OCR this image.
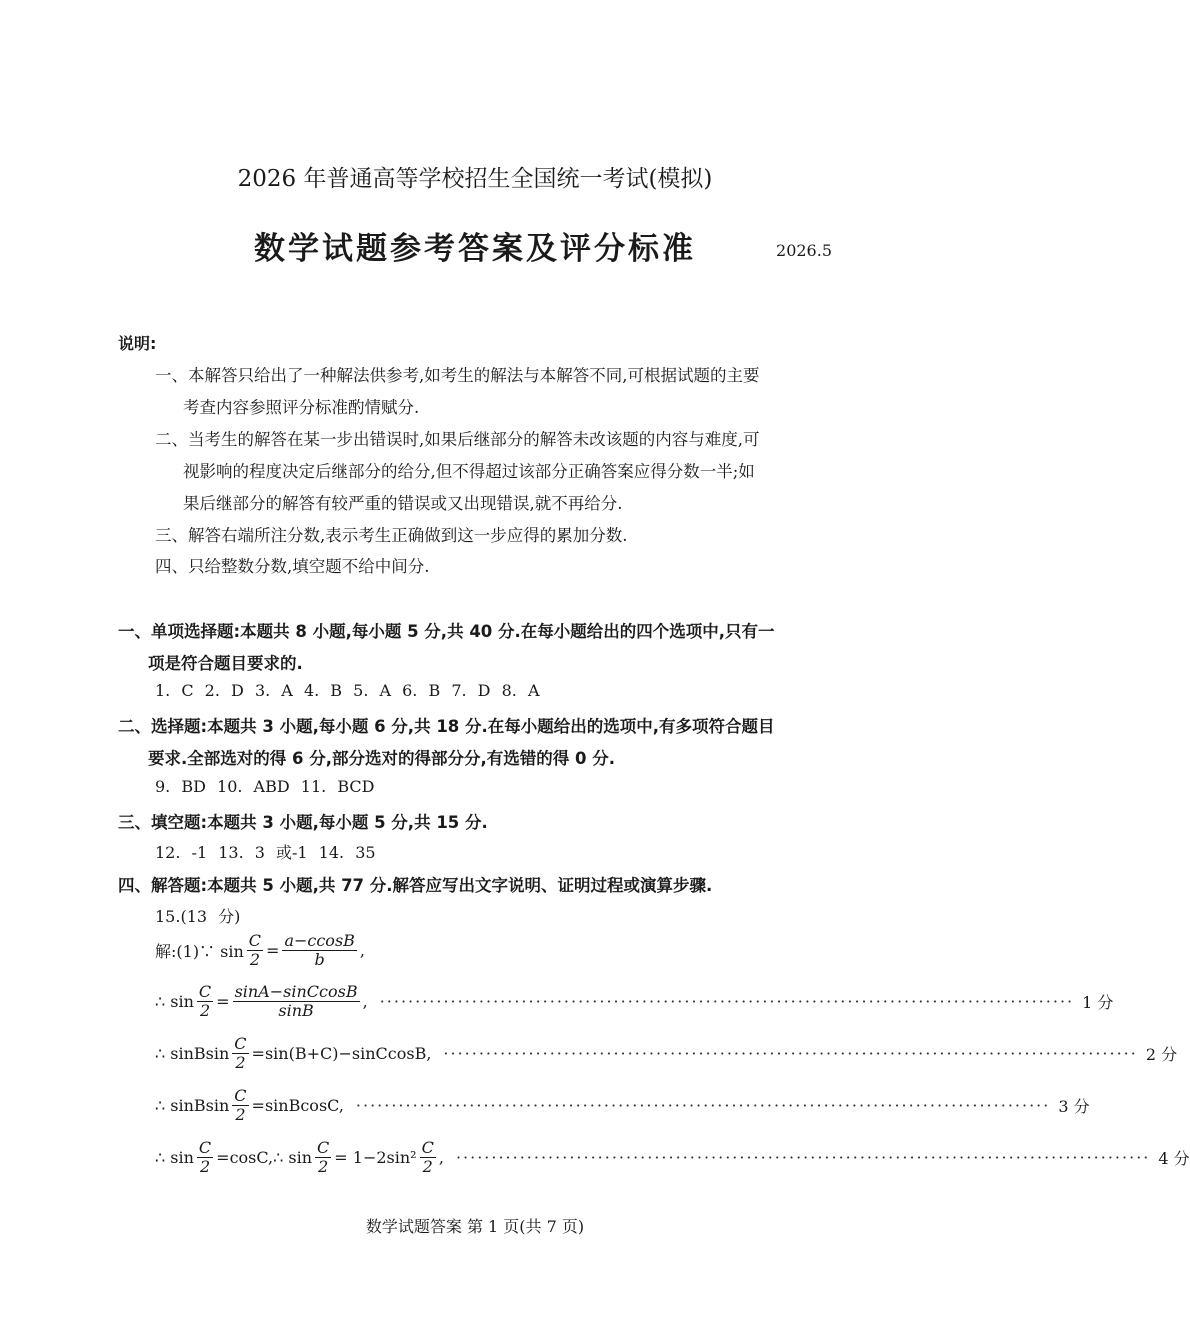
2026 年普通高等学校招生全国统一考试(模拟)
数学试题参考答案及评分标准	2026.5
说明:
一、本解答只给出了一种解法供参考,如考生的解法与本解答不同,可根据试题的主要
考查内容参照评分标准酌情赋分.
二、当考生的解答在某一步出错误时,如果后继部分的解答未改该题的内容与难度,可
视影响的程度决定后继部分的给分,但不得超过该部分正确答案应得分数一半;如
果后继部分的解答有较严重的错误或又出现错误,就不再给分.
三、解答右端所注分数,表示考生正确做到这一步应得的累加分数.
四、只给整数分数,填空题不给中间分.
一、单项选择题:本题共 8 小题,每小题 5 分,共 40 分.在每小题给出的四个选项中,只有一
项是符合题目要求的.
1. C 2. D 3. A 4. B 5. A 6. B 7. D 8. A
二、选择题:本题共 3 小题,每小题 6 分,共 18 分.在每小题给出的选项中,有多项符合题目
要求.全部选对的得 6 分,部分选对的得部分分,有选错的得 0 分.
9. BD 10. ABD 11. BCD
三、填空题:本题共 3 小题,每小题 5 分,共 15 分.
12. -1 13. 3 或-1 14. 35
四、解答题:本题共 5 小题,共 77 分.解答应写出文字说明、证明过程或演算步骤.
15.(13 分)
解:(1)∵ $\sin \frac{C}{2} = \frac{a-ccosB}{b}$ ,
∴ $\sin \frac{C}{2} = \frac{\text{sinA−sinCcosB}}{\sin B}$ , ·································································································· 1 分
∴ sinBsin $\frac{C}{2}$ =sin(B+C)−sinCcosB, ·································································································· 2 分
∴ sinBsin $\frac{C}{2}$ =sinBcosC, ·································································································· 3 分
∴ $\sin \frac{C}{2}$ =cosC,∴ $\sin \frac{C}{2} = 1-2\sin^2 \frac{C}{2}$ , ·································································································· 4 分
数学试题答案 第 1 页(共 7 页)
